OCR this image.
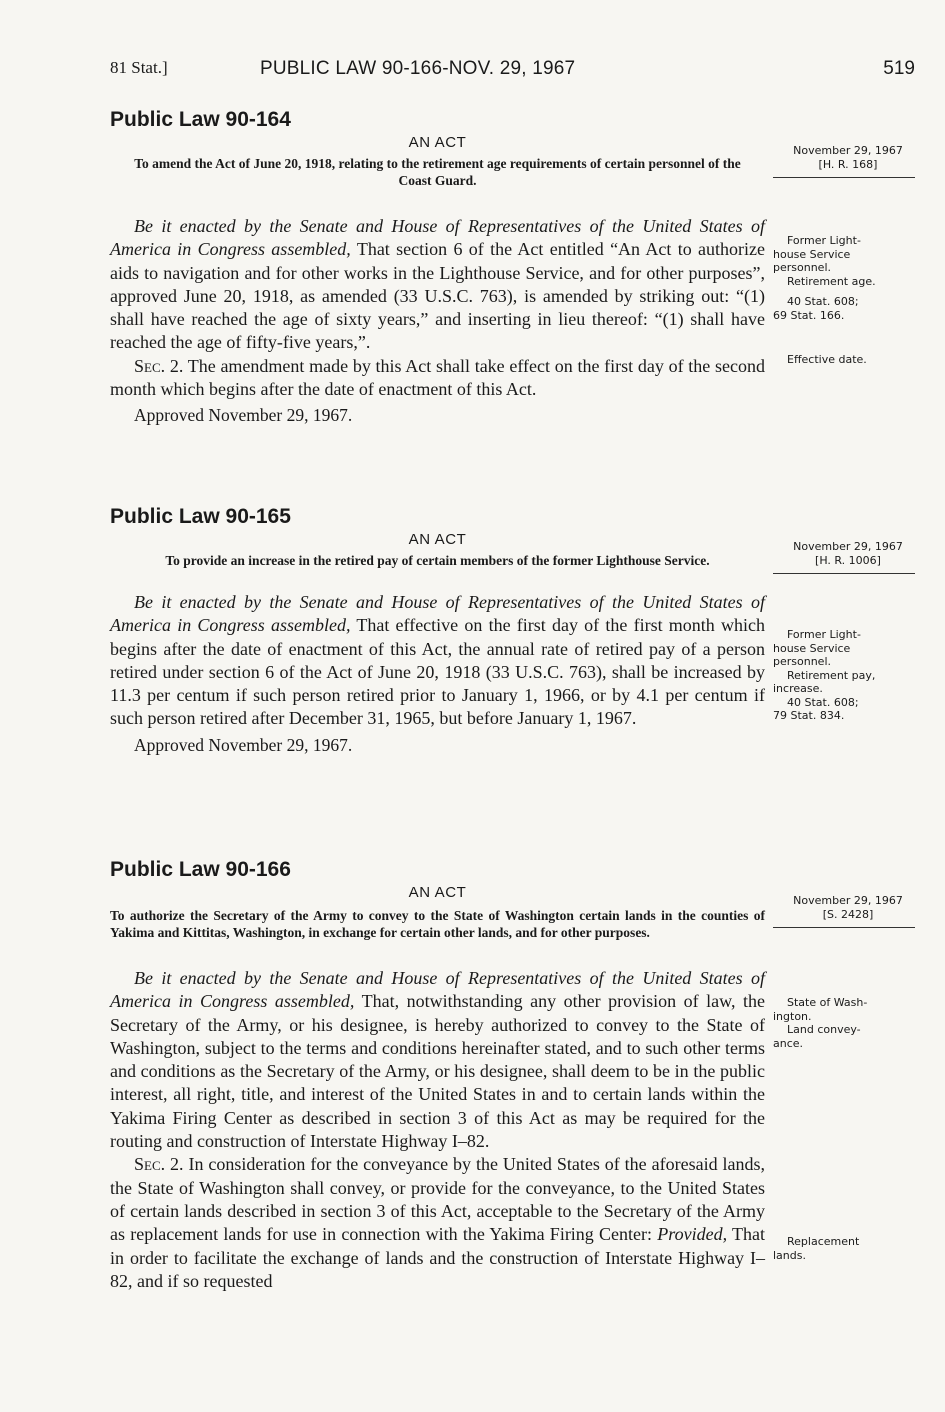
81 Stat.]	PUBLIC LAW 90-166-NOV. 29, 1967	519
Public Law 90-164
AN ACT
To amend the Act of June 20, 1918, relating to the retirement age requirements of certain personnel of the Coast Guard.

Be it enacted by the Senate and House of Representatives of the United States of America in Congress assembled, That section 6 of the Act entitled “An Act to authorize aids to navigation and for other works in the Lighthouse Service, and for other purposes”, approved June 20, 1918, as amended (33 U.S.C. 763), is amended by striking out: “(1) shall have reached the age of sixty years,” and inserting in lieu thereof: “(1) shall have reached the age of fifty-five years,”.

Sec. 2. The amendment made by this Act shall take effect on the first day of the second month which begins after the date of enactment of this Act.

Approved November 29, 1967.
November 29, 1967
[H. R. 168]
Former Light-
house Service
personnel.
Retirement age.
40 Stat. 608;
69 Stat. 166.
Effective date.
Public Law 90-165
AN ACT
To provide an increase in the retired pay of certain members of the former Lighthouse Service.

Be it enacted by the Senate and House of Representatives of the United States of America in Congress assembled, That effective on the first day of the first month which begins after the date of enactment of this Act, the annual rate of retired pay of a person retired under section 6 of the Act of June 20, 1918 (33 U.S.C. 763), shall be increased by 11.3 per centum if such person retired prior to January 1, 1966, or by 4.1 per centum if such person retired after December 31, 1965, but before January 1, 1967.

Approved November 29, 1967.
November 29, 1967
[H. R. 1006]
Former Light-
house Service
personnel.
Retirement pay,
increase.
40 Stat. 608;
79 Stat. 834.
Public Law 90-166
AN ACT
To authorize the Secretary of the Army to convey to the State of Washington certain lands in the counties of Yakima and Kittitas, Washington, in exchange for certain other lands, and for other purposes.

Be it enacted by the Senate and House of Representatives of the United States of America in Congress assembled, That, notwithstanding any other provision of law, the Secretary of the Army, or his designee, is hereby authorized to convey to the State of Washington, subject to the terms and conditions hereinafter stated, and to such other terms and conditions as the Secretary of the Army, or his designee, shall deem to be in the public interest, all right, title, and interest of the United States in and to certain lands within the Yakima Firing Center as described in section 3 of this Act as may be required for the routing and construction of Interstate Highway I–82.

Sec. 2. In consideration for the conveyance by the United States of the aforesaid lands, the State of Washington shall convey, or provide for the conveyance, to the United States of certain lands described in section 3 of this Act, acceptable to the Secretary of the Army as replacement lands for use in connection with the Yakima Firing Center: Provided, That in order to facilitate the exchange of lands and the construction of Interstate Highway I–82, and if so requested

November 29, 1967
[S. 2428]
State of Wash-
ington.
Land convey-
ance.
Replacement
lands.
